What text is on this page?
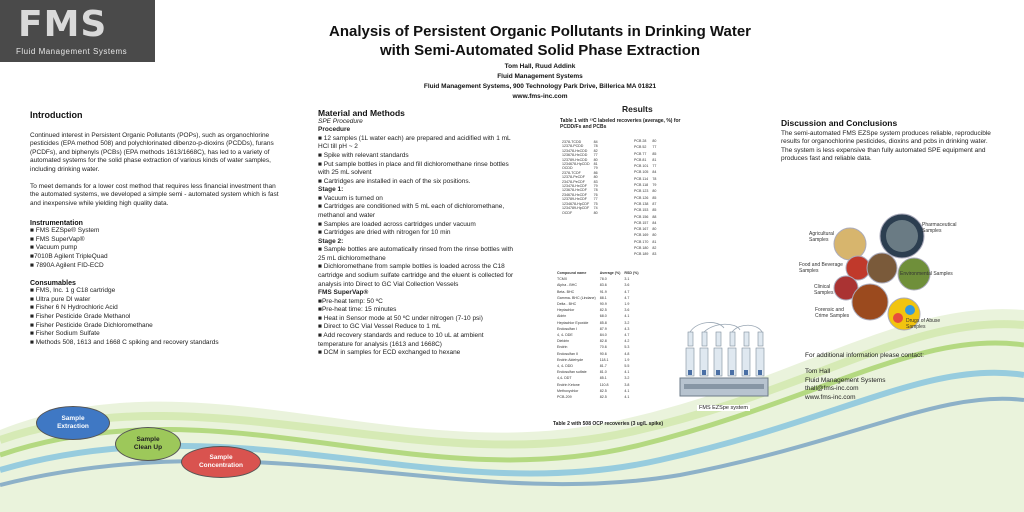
FMS
Fluid Management Systems
Analysis of Persistent Organic Pollutants in Drinking Water
with Semi-Automated Solid Phase Extraction
Tom Hall, Ruud Addink
Fluid Management Systems
Fluid Management Systems, 900 Technology Park Drive, Billerica MA 01821
www.fms-inc.com
Introduction
Continued interest in Persistent Organic Pollutants (POPs), such as organochlorine pesticides (EPA method 508) and polychlorinated dibenzo-p-dioxins (PCDDs), furans (PCDFs), and biphenyls (PCBs) (EPA methods 1613/1668C), has led to a variety of automated systems for the solid phase extraction of various kinds of water samples, including drinking water.
To meet demands for a lower cost method that requires less financial investment than the automated systems, we developed a simple semi - automated system which is fast and inexpensive while yielding high quality data.
Instrumentation
■ FMS EZSpe® System
■ FMS SuperVap®
■ Vacuum pump
■7010B Agilent TripleQuad
■ 7890A Agilent FID-ECD
Consumables
■ FMS, Inc. 1 g C18 cartridge
■ Ultra pure DI water
■ Fisher 6 N Hydrochloric Acid
■ Fisher Pesticide Grade Methanol
■ Fisher Pesticide Grade Dichloromethane
■ Fisher Sodium Sulfate
■ Methods 508, 1613 and 1668 C spiking and recovery standards
Sample Extraction
Sample Clean Up
Sample Concentration
Material and Methods
SPE Procedure
Procedure
■ 12 samples (1L water each) are prepared and acidified with 1 mL HCl till pH ~ 2
■ Spike with relevant standards
■ Put sample bottles in place and fill dichloromethane rinse bottles with 25 mL solvent
■ Cartridges are installed in each of the six positions.
Stage 1:
■ Vacuum is turned on
■ Cartridges are conditioned with 5 mL each of dichloromethane, methanol and water
■ Samples are loaded across cartridges under vacuum
■ Cartridges are dried with nitrogen for 10 min
Stage 2:
■ Sample bottles are automatically rinsed from the rinse bottles with 25 mL dichloromethane
■ Dichloromethane from sample bottles is loaded across the C18 cartridge and sodium sulfate cartridge and the eluent is collected for analysis into Direct to GC Vial Collection Vessels
FMS SuperVap®
■Pre-heat temp: 50 ºC
■Pre-heat time: 15 minutes
■ Heat in Sensor mode at 50 ºC under nitrogen (7-10 psi)
■ Direct to GC Vial Vessel Reduce to 1 mL
■ Add recovery standards and reduce to 10 uL at ambient temperature for analysis (1613 and 1668C)
■ DCM in samples for ECD exchanged to hexane
Results
Table 1 with ¹³C labeled recoveries (average, %) for PCDD/Fs and PCBs
2378-TCDD	84
12378-PCDD	78
123478-HxCDD	82
123678-HxCDD	77
123789-HxCDD	80
1234678-HpCDD	81
OCDD	79
2378-TCDF	86
12378-PeCDF	80
23478-PeCDF	83
123478-HxCDF	79
123678-HxCDF	78
234678-HxCDF	76
123789-HxCDF	77
1234678-HpCDF	75
1234789-HpCDF	74
OCDF	80
PCB 28	80
PCB 52	77
PCB 77	85
PCB 81	81
PCB 101	77
PCB 105	84
PCB 114	78
PCB 118	79
PCB 123	80
PCB 126	85
PCB 138	87
PCB 153	85
PCB 156	88
PCB 157	84
PCB 167	80
PCB 169	80
PCB 170	81
PCB 180	82
PCB 189	83
Compound name	Average (%)	RSD (%)
TCMX	78.0	3.1
Alpha - BHC	83.6	3.6
Beta- BHC	91.9	4.7
Gamma- BHC (Lindane)	88.1	4.7
Delta - BHC	90.9	1.9
Heptachlor	82.5	3.6
Aldrin	68.0	4.1
Heptachlor Epoxide	85.8	3.2
Endosulfan I	87.9	4.3
4, 4- DDE	84.0	4.7
Dieldrin	82.8	4.2
Endrin	70.6	5.3
Endosulfan II	90.6	4.8
Endrin Aldehyde	118.1	1.9
4, 4- DDD	81.7	5.5
Endosulfan sulfate	81.0	4.1
4,4- DDT	85.1	3.2
Endrin Ketone	110.8	3.8
Methoxychlor	82.5	4.1
PCB-209	82.5	4.1
Table 2 with 508 OCP recoveries (3 ug/L spike)
FMS EZSpe system
Discussion and Conclusions
The semi-automated FMS EZSpe system produces reliable, reproducible results for organochlorine pesticides, dioxins and pcbs in drinking water. The system is less expensive than fully automated SPE equipment and produces fast and reliable data.
Agricultural Samples
Pharmaceutical Samples
Food and Beverage Samples	Environmental Samples
Clinical Samples
Forensic and Crime Samples
Drugs of Abuse Samples
For additional information please contact:
Tom Hall
Fluid Management Systems
thall@fms-inc.com
www.fms-inc.com
